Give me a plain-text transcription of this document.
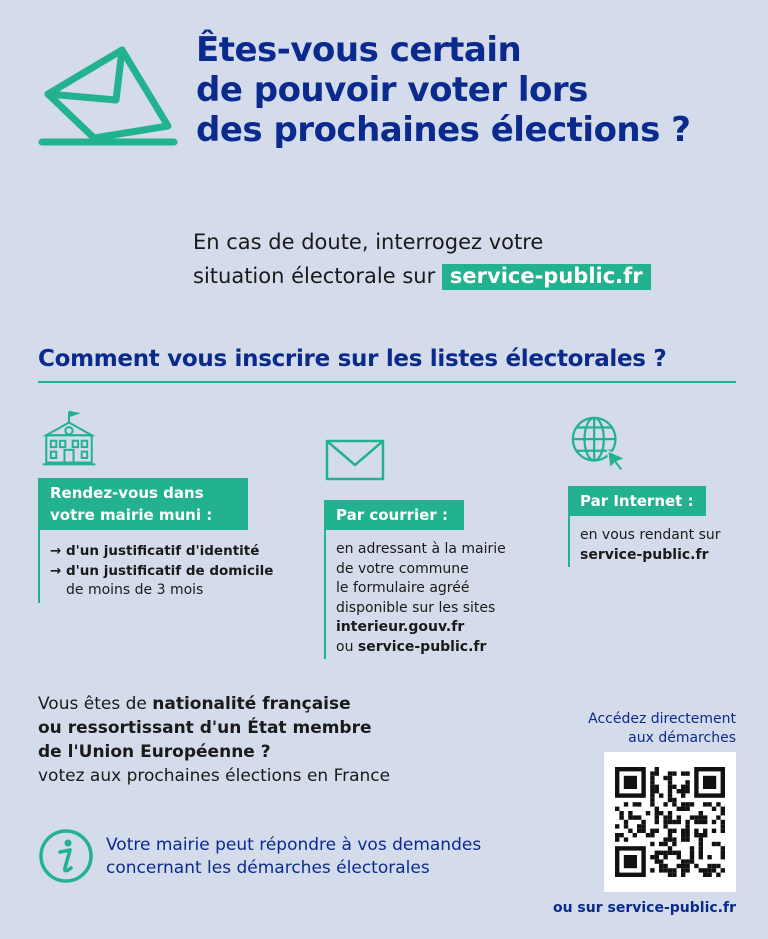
Êtes-vous certain
de pouvoir voter lors
des prochaines élections ?
En cas de doute, interrogez votre
situation électorale sur service-public.fr
Comment vous inscrire sur les listes électorales ?
Rendez-vous dans
votre mairie muni :
→ d'un justificatif d'identité
→ d'un justificatif de domicile
de moins de 3 mois
Par courrier :
en adressant à la mairie
de votre commune
le formulaire agréé
disponible sur les sites
interieur.gouv.fr
ou service-public.fr
Par Internet :
en vous rendant sur
service-public.fr
Vous êtes de nationalité française
ou ressortissant d'un État membre
de l'Union Européenne ?
votez aux prochaines élections en France
Votre mairie peut répondre à vos demandes
concernant les démarches électorales
Accédez directement
aux démarches
ou sur service-public.fr
